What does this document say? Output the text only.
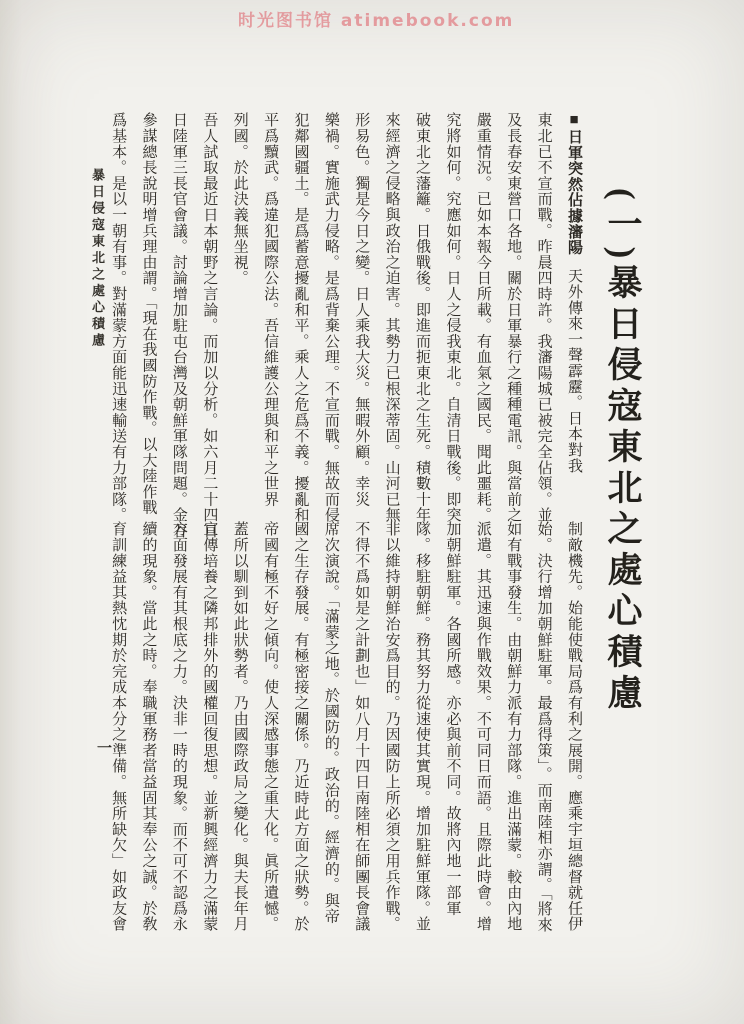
时光图书馆 atimebook.com
暴日侵寇東北之處心積慮
一
(一)暴日侵寇東北之處心積慮
■日軍突然佔據瀋陽天外傳來一聲霹靂。日本對我
東北已不宣而戰。昨晨四時許。我瀋陽城已被完全佔領。並
及長春安東營口各地。關於日軍暴行之種種電訊。與當前之
嚴重情況。已如本報今日所載。有血氣之國民。聞此噩耗。
究將如何。究應如何。日人之侵我東北。自清日戰後。即突
破東北之藩籬。日俄戰後。即進而扼東北之生死。積數十年
來經濟之侵略與政治之迫害。其勢力已根深蒂固。山河已無
形易色。獨是今日之變。日人乘我大災。無暇外顧。幸災
樂禍。實施武力侵略。是爲背棄公理。不宣而戰。無故而侵
犯鄰國疆土。是爲蓄意擾亂和平。乘人之危爲不義。擾亂和
平爲黷武。爲違犯國際公法。吾信維護公理與和平之世界
列國。於此決義無坐視。
吾人試取最近日本朝野之言論。而加以分析。如六月二十四日
日陸軍三長官會議。討論增加駐屯台灣及朝鮮軍隊問題。金谷
參謀總長說明增兵理由謂。「現在我國防作戰。以大陸作戰
爲基本。是以一朝有事。對滿蒙方面能迅速輸送有力部隊。
制敵機先。始能使戰局爲有利之展開。應乘宇垣總督就任伊
始。決行增加朝鮮駐軍。最爲得策」。而南陸相亦謂。「將來
如有戰事發生。由朝鮮力派有力部隊。進出滿蒙。較由內地
派遣。其迅速與作戰效果。不可同日而語。且際此時會。增
加朝鮮駐軍。各國所感。亦必與前不同。故將內地一部軍
隊。移駐朝鮮。務其努力從速使其實現。增加駐鮮軍隊。並
非以維持朝鮮治安爲目的。乃因國防上所必須之用兵作戰。
不得不爲如是之計劃也」如八月十四日南陸相在師團長會議
席次演說。「滿蒙之地。於國防的。政治的。經濟的。與帝
國之生存發展。有極密接之關係。乃近時此方面之狀勢。於
帝國有極不好之傾向。使人深感事態之重大化。眞所遺憾。
蓋所以馴到如此狀勢者。乃由國際政局之變化。與夫長年月
宣傳培養之隣邦排外的國權回復思想。並新興經濟力之滿蒙
方面發展有其根底之力。決非一時的現象。而不可不認爲永
續的現象。當此之時。奉職軍務者當益固其奉公之誠。於敎
育訓練益其熱忱期於完成本分之準備。無所缺欠」如政友會
